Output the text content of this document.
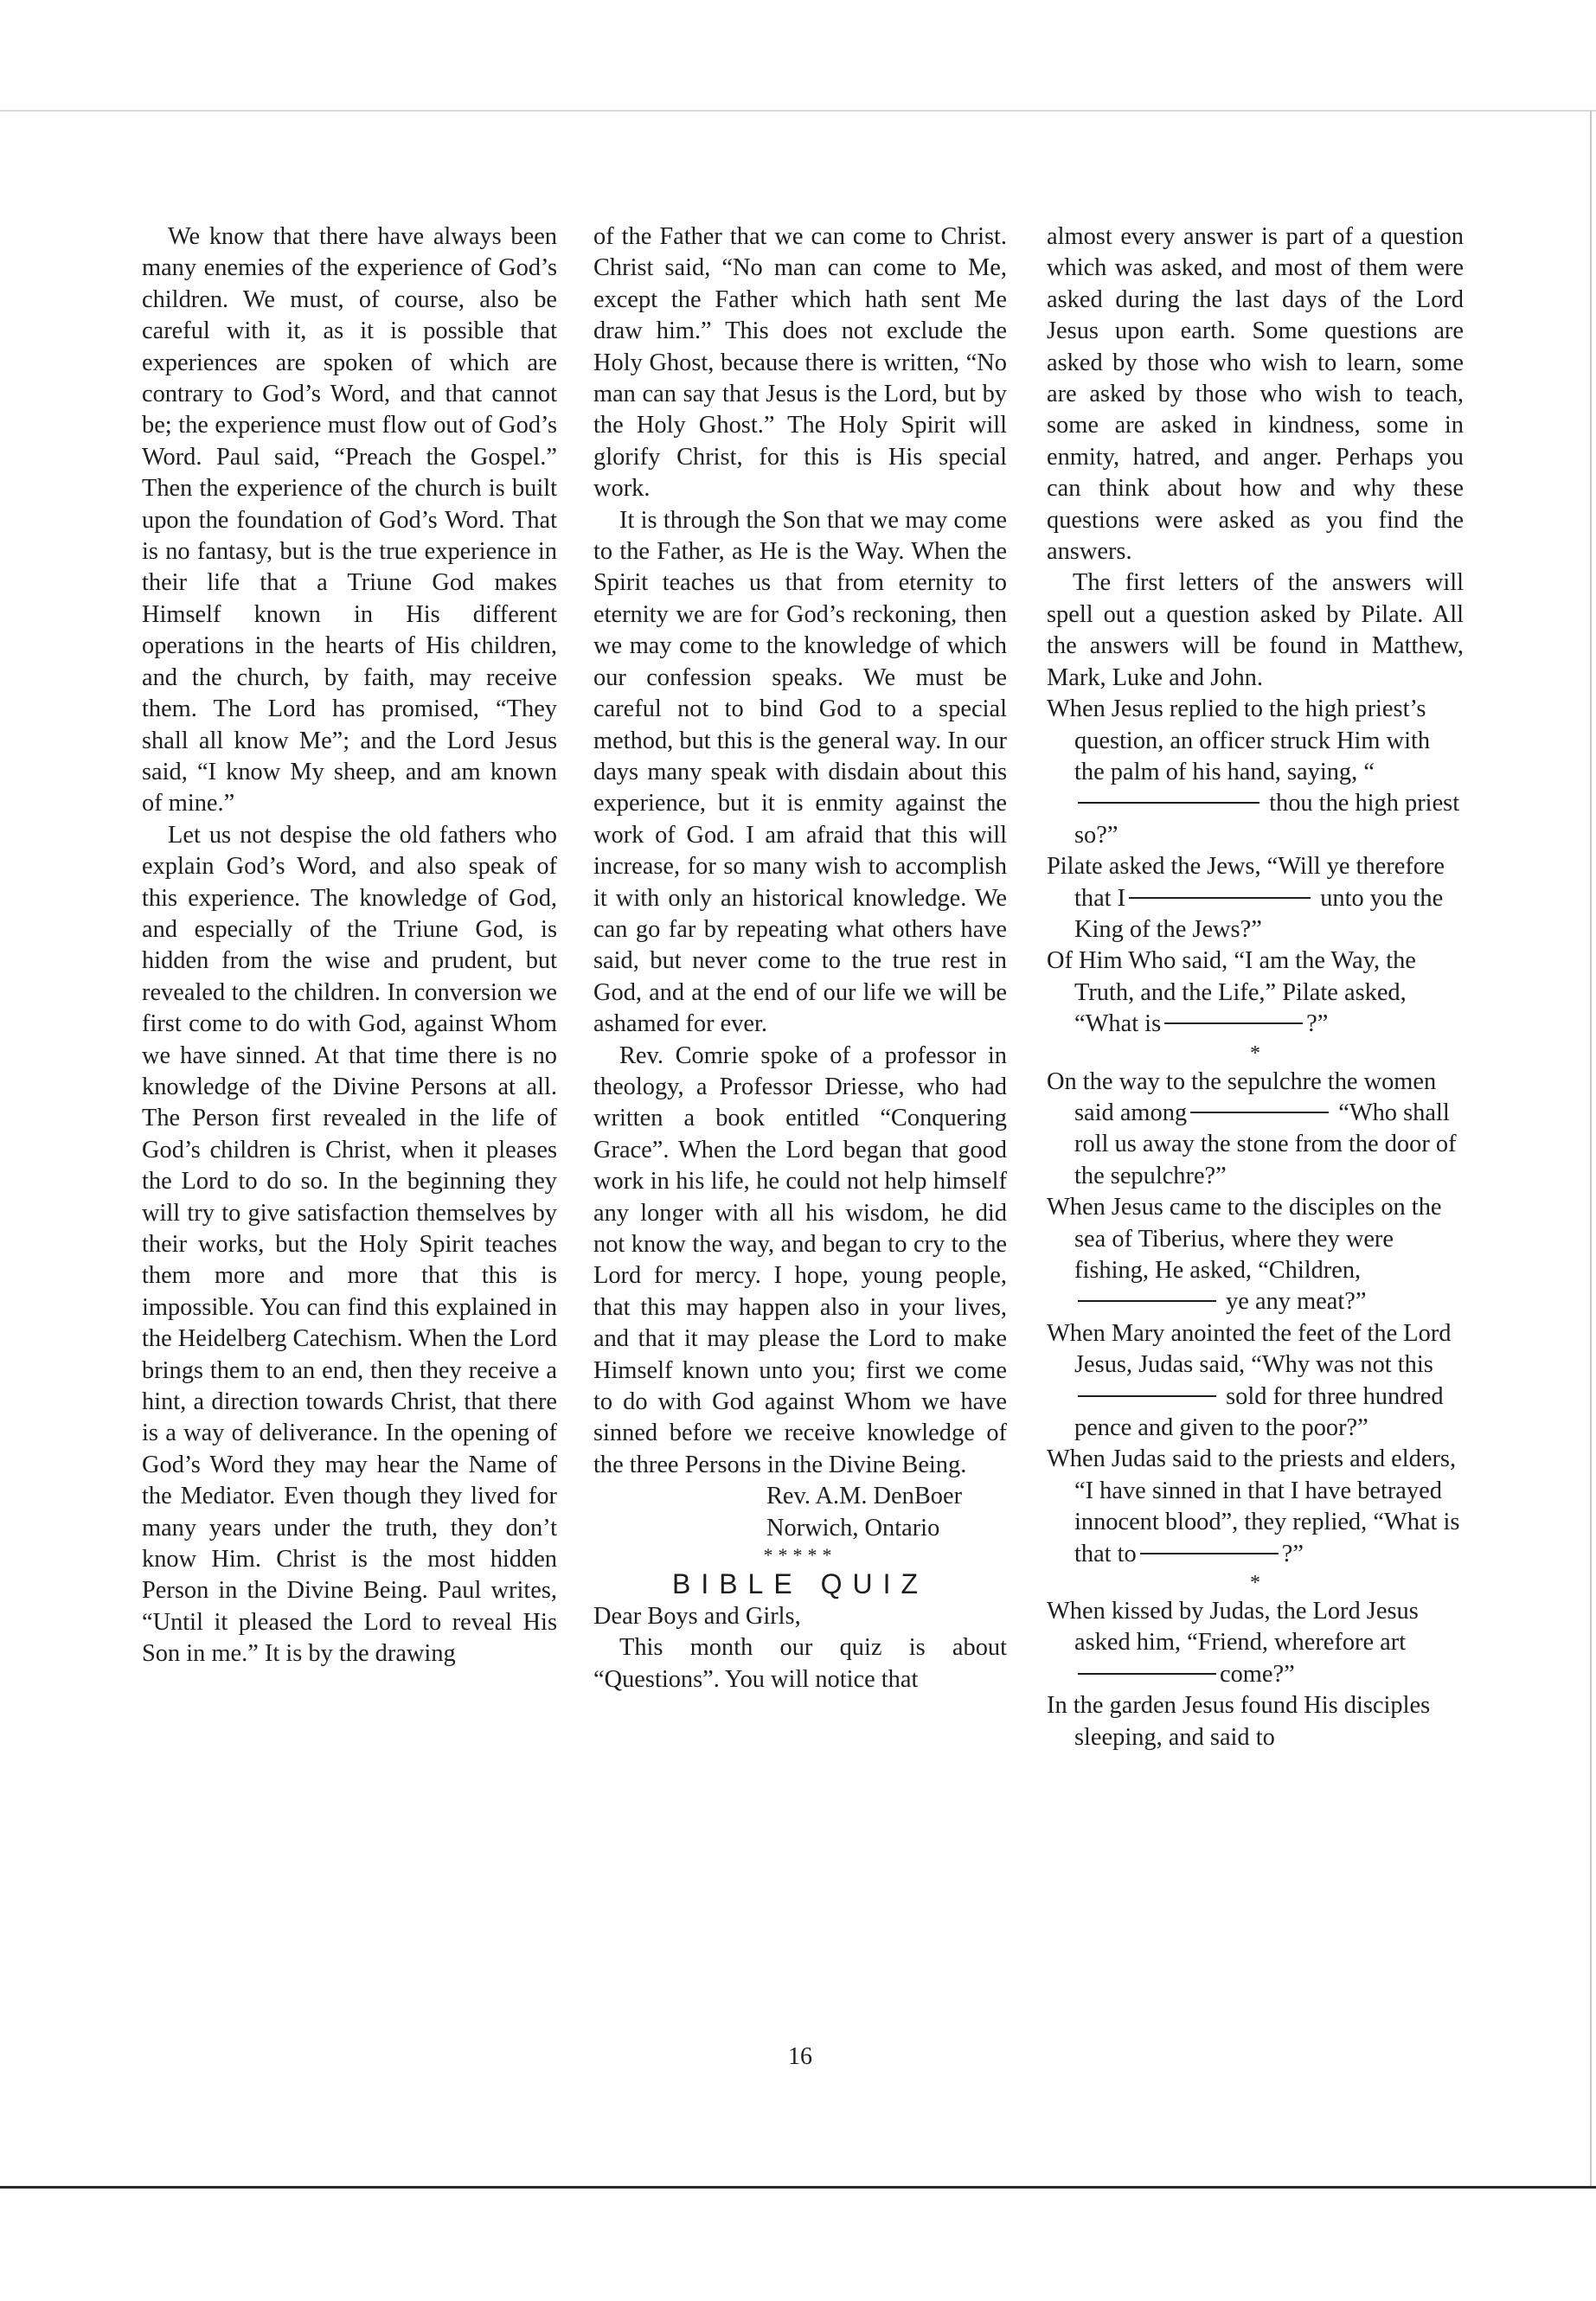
We know that there have always been many enemies of the experience of God’s children. We must, of course, also be careful with it, as it is possible that experiences are spoken of which are contrary to God’s Word, and that cannot be; the experience must flow out of God’s Word. Paul said, “Preach the Gospel.” Then the experience of the church is built upon the foundation of God’s Word. That is no fantasy, but is the true experience in their life that a Triune God makes Himself known in His different operations in the hearts of His children, and the church, by faith, may receive them. The Lord has promised, “They shall all know Me”; and the Lord Jesus said, “I know My sheep, and am known of mine.”

Let us not despise the old fathers who explain God’s Word, and also speak of this experience. The knowledge of God, and especially of the Triune God, is hidden from the wise and prudent, but revealed to the children. In conversion we first come to do with God, against Whom we have sinned. At that time there is no knowledge of the Divine Persons at all. The Person first revealed in the life of God’s children is Christ, when it pleases the Lord to do so. In the beginning they will try to give satisfaction themselves by their works, but the Holy Spirit teaches them more and more that this is impossible. You can find this explained in the Heidelberg Catechism. When the Lord brings them to an end, then they receive a hint, a direction towards Christ, that there is a way of deliverance. In the opening of God’s Word they may hear the Name of the Mediator. Even though they lived for many years under the truth, they don’t know Him. Christ is the most hidden Person in the Divine Being. Paul writes, “Until it pleased the Lord to reveal His Son in me.” It is by the drawing

of the Father that we can come to Christ. Christ said, “No man can come to Me, except the Father which hath sent Me draw him.” This does not exclude the Holy Ghost, because there is written, “No man can say that Jesus is the Lord, but by the Holy Ghost.” The Holy Spirit will glorify Christ, for this is His special work.

It is through the Son that we may come to the Father, as He is the Way. When the Spirit teaches us that from eternity to eternity we are for God’s reckoning, then we may come to the knowledge of which our confession speaks. We must be careful not to bind God to a special method, but this is the general way. In our days many speak with disdain about this experience, but it is enmity against the work of God. I am afraid that this will increase, for so many wish to accomplish it with only an historical knowledge. We can go far by repeating what others have said, but never come to the true rest in God, and at the end of our life we will be ashamed for ever.

Rev. Comrie spoke of a professor in theology, a Professor Driesse, who had written a book entitled “Conquering Grace”. When the Lord began that good work in his life, he could not help himself any longer with all his wisdom, he did not know the way, and began to cry to the Lord for mercy. I hope, young people, that this may happen also in your lives, and that it may please the Lord to make Himself known unto you; first we come to do with God against Whom we have sinned before we receive knowledge of the three Persons in the Divine Being.

Rev. A.M. DenBoer

Norwich, Ontario

*****

BIBLE QUIZ

Dear Boys and Girls,

This month our quiz is about “Questions”. You will notice that

almost every answer is part of a question which was asked, and most of them were asked during the last days of the Lord Jesus upon earth. Some questions are asked by those who wish to learn, some are asked by those who wish to teach, some are asked in kindness, some in enmity, hatred, and anger. Perhaps you can think about how and why these questions were asked as you find the answers.

The first letters of the answers will spell out a question asked by Pilate. All the answers will be found in Matthew, Mark, Luke and John.

When Jesus replied to the high priest’s question, an officer struck Him with the palm of his hand, saying, “ thou the high priest so?”

Pilate asked the Jews, “Will ye therefore that I	unto you the King of the Jews?”

Of Him Who said, “I am the Way, the Truth, and the Life,” Pilate asked, “What is	?”

*

On the way to the sepulchre the women said among	“Who shall roll us away the stone from the door of the sepulchre?”

When Jesus came to the disciples on the sea of Tiberius, where they were fishing, He asked, “Children, ye any meat?”

When Mary anointed the feet of the Lord Jesus, Judas said, “Why was not this sold for three hundred pence and given to the poor?”

When Judas said to the priests and elders, “I have sinned in that I have betrayed innocent blood”, they replied, “What is that to	?”

*

When kissed by Judas, the Lord Jesus asked him, “Friend, wherefore artcome?”

In the garden Jesus found His disciples sleeping, and said to

16
